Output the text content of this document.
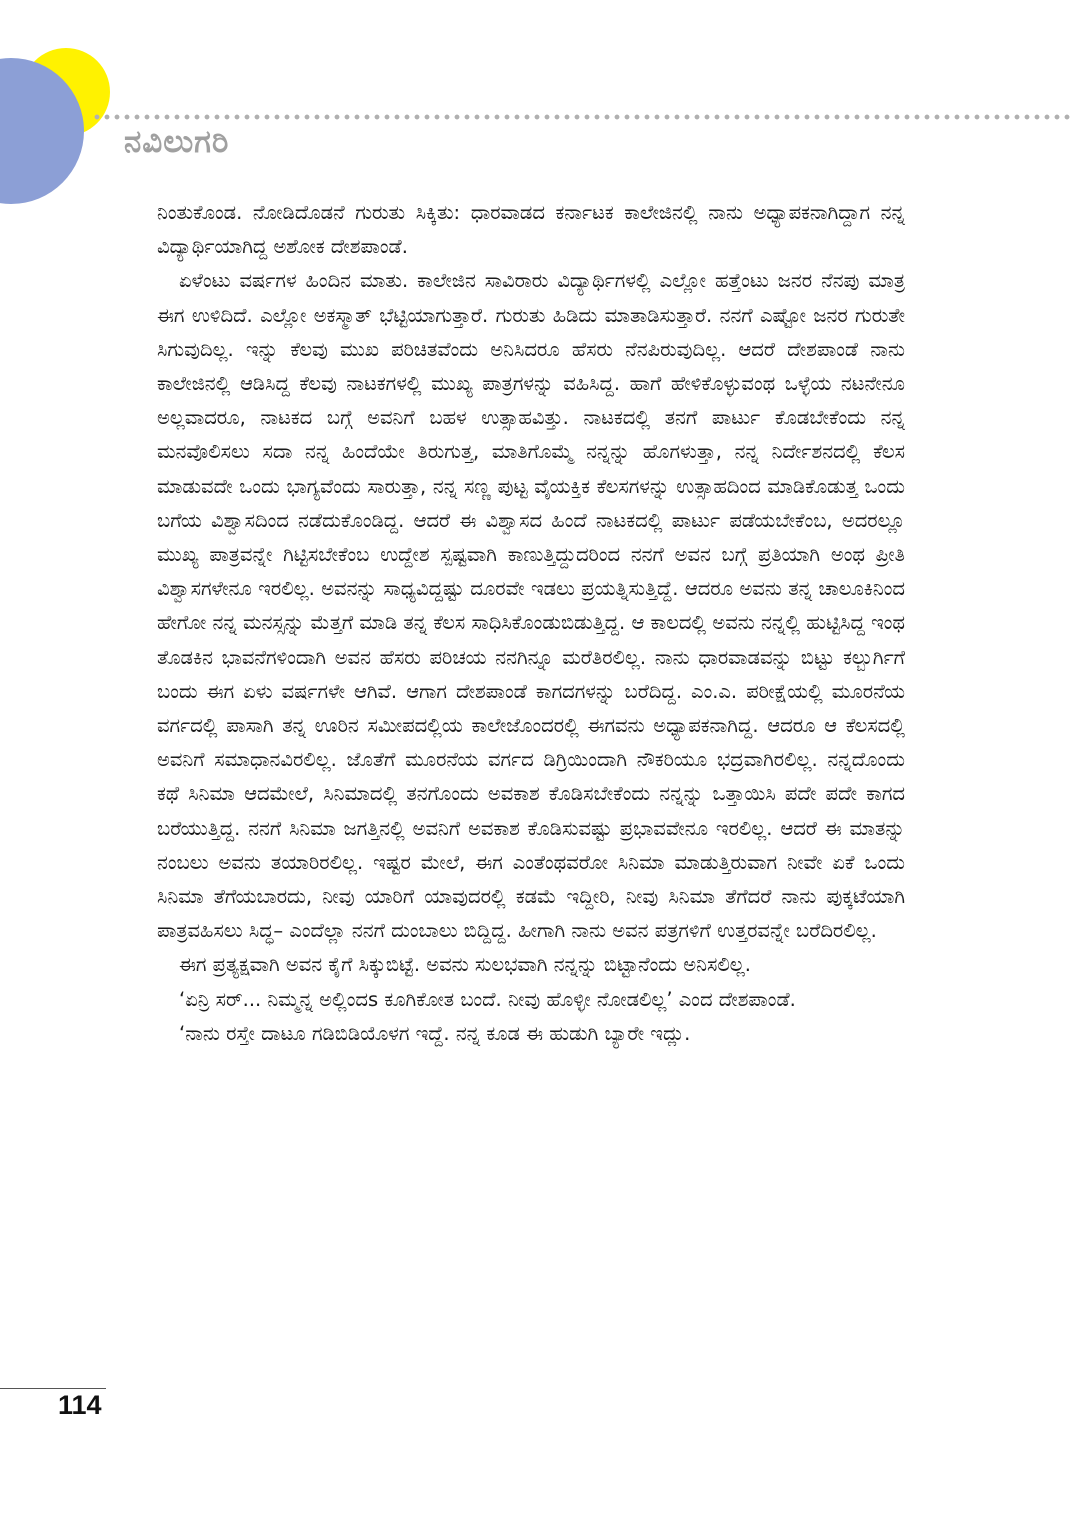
ನವಿಲುಗರಿ

ನಿಂತುಕೊಂಡ. ನೋಡಿದೊಡನೆ ಗುರುತು ಸಿಕ್ಕಿತು: ಧಾರವಾಡದ ಕರ್ನಾಟಕ ಕಾಲೇಜಿನಲ್ಲಿ ನಾನು ಅಧ್ಯಾಪಕನಾಗಿದ್ದಾಗ ನನ್ನ ವಿದ್ಯಾರ್ಥಿಯಾಗಿದ್ದ ಅಶೋಕ ದೇಶಪಾಂಡೆ.

ಏಳೆಂಟು ವರ್ಷಗಳ ಹಿಂದಿನ ಮಾತು. ಕಾಲೇಜಿನ ಸಾವಿರಾರು ವಿದ್ಯಾರ್ಥಿಗಳಲ್ಲಿ ಎಲ್ಲೋ ಹತ್ತೆಂಟು ಜನರ ನೆನಪು ಮಾತ್ರ ಈಗ ಉಳಿದಿದೆ. ಎಲ್ಲೋ ಅಕಸ್ಮಾತ್ ಭೆಟ್ಟಿಯಾಗುತ್ತಾರೆ. ಗುರುತು ಹಿಡಿದು ಮಾತಾಡಿಸುತ್ತಾರೆ. ನನಗೆ ಎಷ್ಟೋ ಜನರ ಗುರುತೇ ಸಿಗುವುದಿಲ್ಲ. ಇನ್ನು ಕೆಲವು ಮುಖ ಪರಿಚಿತವೆಂದು ಅನಿಸಿದರೂ ಹೆಸರು ನೆನಪಿರುವುದಿಲ್ಲ. ಆದರೆ ದೇಶಪಾಂಡೆ ನಾನು ಕಾಲೇಜಿನಲ್ಲಿ ಆಡಿಸಿದ್ದ ಕೆಲವು ನಾಟಕಗಳಲ್ಲಿ ಮುಖ್ಯ ಪಾತ್ರಗಳನ್ನು ವಹಿಸಿದ್ದ. ಹಾಗೆ ಹೇಳಿಕೊಳ್ಳುವಂಥ ಒಳ್ಳೆಯ ನಟನೇನೂ ಅಲ್ಲವಾದರೂ, ನಾಟಕದ ಬಗ್ಗೆ ಅವನಿಗೆ ಬಹಳ ಉತ್ಸಾಹವಿತ್ತು. ನಾಟಕದಲ್ಲಿ ತನಗೆ ಪಾರ್ಟು ಕೊಡಬೇಕೆಂದು ನನ್ನ ಮನವೊಲಿಸಲು ಸದಾ ನನ್ನ ಹಿಂದೆಯೇ ತಿರುಗುತ್ತ, ಮಾತಿಗೊಮ್ಮೆ ನನ್ನನ್ನು ಹೊಗಳುತ್ತಾ, ನನ್ನ ನಿರ್ದೇಶನದಲ್ಲಿ ಕೆಲಸ ಮಾಡುವದೇ ಒಂದು ಭಾಗ್ಯವೆಂದು ಸಾರುತ್ತಾ, ನನ್ನ ಸಣ್ಣ ಪುಟ್ಟ ವೈಯಕ್ತಿಕ ಕೆಲಸಗಳನ್ನು ಉತ್ಸಾಹದಿಂದ ಮಾಡಿಕೊಡುತ್ತ ಒಂದು ಬಗೆಯ ವಿಶ್ವಾಸದಿಂದ ನಡೆದುಕೊಂಡಿದ್ದ. ಆದರೆ ಈ ವಿಶ್ವಾಸದ ಹಿಂದೆ ನಾಟಕದಲ್ಲಿ ಪಾರ್ಟು ಪಡೆಯಬೇಕೆಂಬ, ಅದರಲ್ಲೂ ಮುಖ್ಯ ಪಾತ್ರವನ್ನೇ ಗಿಟ್ಟಿಸಬೇಕೆಂಬ ಉದ್ದೇಶ ಸ್ಪಷ್ಟವಾಗಿ ಕಾಣುತ್ತಿದ್ದುದರಿಂದ ನನಗೆ ಅವನ ಬಗ್ಗೆ ಪ್ರತಿಯಾಗಿ ಅಂಥ ಪ್ರೀತಿ ವಿಶ್ವಾಸಗಳೇನೂ ಇರಲಿಲ್ಲ. ಅವನನ್ನು ಸಾಧ್ಯವಿದ್ದಷ್ಟು ದೂರವೇ ಇಡಲು ಪ್ರಯತ್ನಿಸುತ್ತಿದ್ದೆ. ಆದರೂ ಅವನು ತನ್ನ ಚಾಲೂಕಿನಿಂದ ಹೇಗೋ ನನ್ನ ಮನಸ್ಸನ್ನು ಮೆತ್ತಗೆ ಮಾಡಿ ತನ್ನ ಕೆಲಸ ಸಾಧಿಸಿಕೊಂಡುಬಿಡುತ್ತಿದ್ದ. ಆ ಕಾಲದಲ್ಲಿ ಅವನು ನನ್ನಲ್ಲಿ ಹುಟ್ಟಿಸಿದ್ದ ಇಂಥ ತೊಡಕಿನ ಭಾವನೆಗಳಿಂದಾಗಿ ಅವನ ಹೆಸರು ಪರಿಚಯ ನನಗಿನ್ನೂ ಮರೆತಿರಲಿಲ್ಲ. ನಾನು ಧಾರವಾಡವನ್ನು ಬಿಟ್ಟು ಕಲ್ಬುರ್ಗಿಗೆ ಬಂದು ಈಗ ಏಳು ವರ್ಷಗಳೇ ಆಗಿವೆ. ಆಗಾಗ ದೇಶಪಾಂಡೆ ಕಾಗದಗಳನ್ನು ಬರೆದಿದ್ದ. ಎಂ.ಎ. ಪರೀಕ್ಷೆಯಲ್ಲಿ ಮೂರನೆಯ ವರ್ಗದಲ್ಲಿ ಪಾಸಾಗಿ ತನ್ನ ಊರಿನ ಸಮೀಪದಲ್ಲಿಯ ಕಾಲೇಜೊಂದರಲ್ಲಿ ಈಗವನು ಅಧ್ಯಾಪಕನಾಗಿದ್ದ. ಆದರೂ ಆ ಕೆಲಸದಲ್ಲಿ ಅವನಿಗೆ ಸಮಾಧಾನವಿರಲಿಲ್ಲ. ಜೊತೆಗೆ ಮೂರನೆಯ ವರ್ಗದ ಡಿಗ್ರಿಯಿಂದಾಗಿ ನೌಕರಿಯೂ ಭದ್ರವಾಗಿರಲಿಲ್ಲ. ನನ್ನದೊಂದು ಕಥೆ ಸಿನಿಮಾ ಆದಮೇಲೆ, ಸಿನಿಮಾದಲ್ಲಿ ತನಗೊಂದು ಅವಕಾಶ ಕೊಡಿಸಬೇಕೆಂದು ನನ್ನನ್ನು ಒತ್ತಾಯಿಸಿ ಪದೇ ಪದೇ ಕಾಗದ ಬರೆಯುತ್ತಿದ್ದ. ನನಗೆ ಸಿನಿಮಾ ಜಗತ್ತಿನಲ್ಲಿ ಅವನಿಗೆ ಅವಕಾಶ ಕೊಡಿಸುವಷ್ಟು ಪ್ರಭಾವವೇನೂ ಇರಲಿಲ್ಲ. ಆದರೆ ಈ ಮಾತನ್ನು ನಂಬಲು ಅವನು ತಯಾರಿರಲಿಲ್ಲ. ಇಷ್ಟರ ಮೇಲೆ, ಈಗ ಎಂತೆಂಥವರೋ ಸಿನಿಮಾ ಮಾಡುತ್ತಿರುವಾಗ ನೀವೇ ಏಕೆ ಒಂದು ಸಿನಿಮಾ ತೆಗೆಯಬಾರದು, ನೀವು ಯಾರಿಗೆ ಯಾವುದರಲ್ಲಿ ಕಡಮೆ ಇದ್ದೀರಿ, ನೀವು ಸಿನಿಮಾ ತೆಗೆದರೆ ನಾನು ಪುಕ್ಕಟೆಯಾಗಿ ಪಾತ್ರವಹಿಸಲು ಸಿದ್ಧ– ಎಂದೆಲ್ಲಾ ನನಗೆ ದುಂಬಾಲು ಬಿದ್ದಿದ್ದ. ಹೀಗಾಗಿ ನಾನು ಅವನ ಪತ್ರಗಳಿಗೆ ಉತ್ತರವನ್ನೇ ಬರೆದಿರಲಿಲ್ಲ.

ಈಗ ಪ್ರತ್ಯಕ್ಷವಾಗಿ ಅವನ ಕೈಗೆ ಸಿಕ್ಕುಬಿಟ್ಟೆ. ಅವನು ಸುಲಭವಾಗಿ ನನ್ನನ್ನು ಬಿಟ್ಟಾನೆಂದು ಅನಿಸಲಿಲ್ಲ.

‘ಏನ್ರಿ ಸರ್... ನಿಮ್ಮನ್ನ ಅಲ್ಲಿಂದs ಕೂಗಿಕೋತ ಬಂದೆ. ನೀವು ಹೊಳ್ಳೀ ನೋಡಲಿಲ್ಲ’ ಎಂದ ದೇಶಪಾಂಡೆ.

‘ನಾನು ರಸ್ತೇ ದಾಟೂ ಗಡಿಬಿಡಿಯೊಳಗ ಇದ್ದೆ. ನನ್ನ ಕೂಡ ಈ ಹುಡುಗಿ ಬ್ಯಾರೇ ಇದ್ಲು.

114
